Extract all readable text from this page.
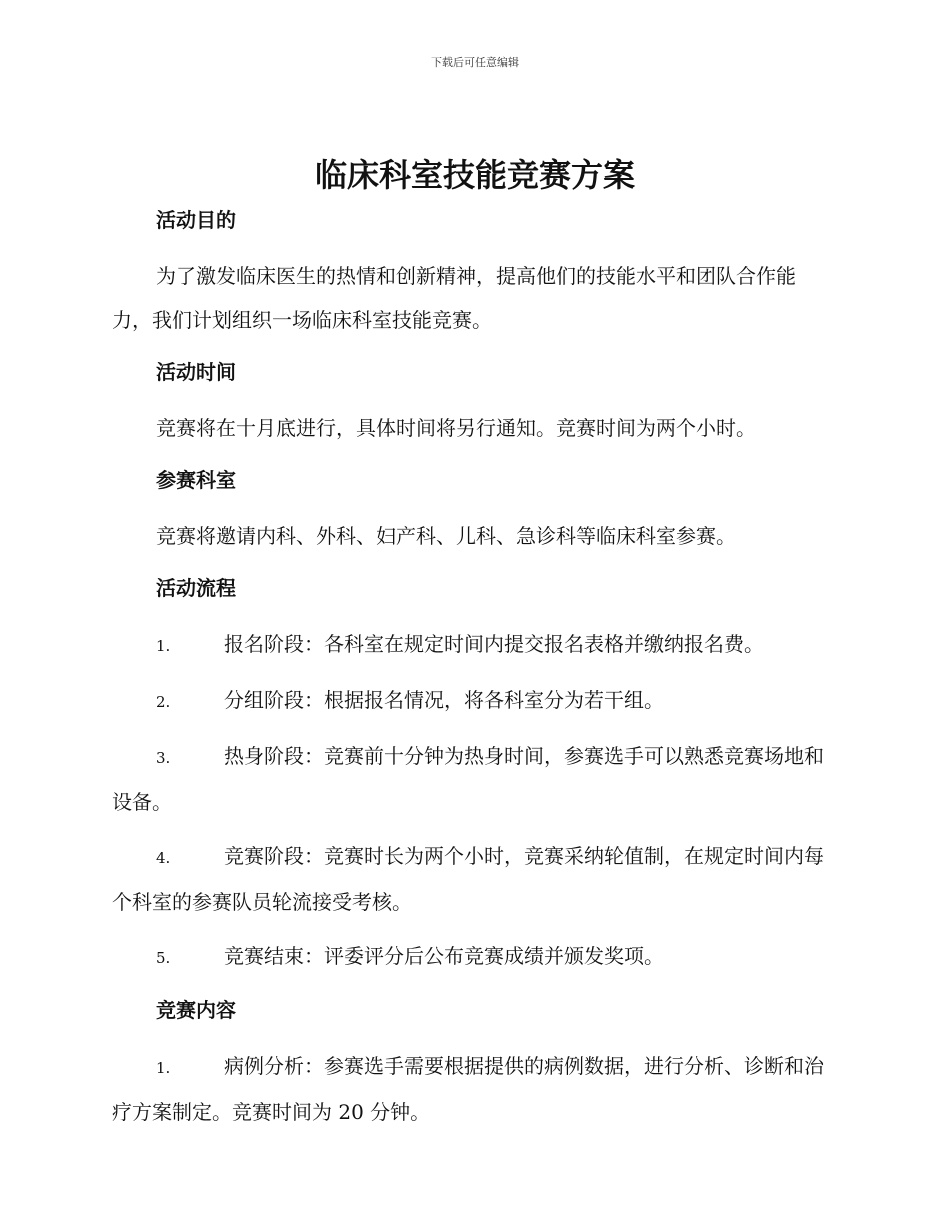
下载后可任意编辑
临床科室技能竞赛方案
活动目的
为了激发临床医生的热情和创新精神，提高他们的技能水平和团队合作能力，我们计划组织一场临床科室技能竞赛。
活动时间
竞赛将在十月底进行，具体时间将另行通知。竞赛时间为两个小时。
参赛科室
竞赛将邀请内科、外科、妇产科、儿科、急诊科等临床科室参赛。
活动流程
1.	报名阶段：各科室在规定时间内提交报名表格并缴纳报名费。
2.	分组阶段：根据报名情况，将各科室分为若干组。
3.	热身阶段：竞赛前十分钟为热身时间，参赛选手可以熟悉竞赛场地和设备。
4.	竞赛阶段：竞赛时长为两个小时，竞赛采纳轮值制，在规定时间内每个科室的参赛队员轮流接受考核。
5.	竞赛结束：评委评分后公布竞赛成绩并颁发奖项。
竞赛内容
1.	病例分析：参赛选手需要根据提供的病例数据，进行分析、诊断和治疗方案制定。竞赛时间为 20 分钟。
